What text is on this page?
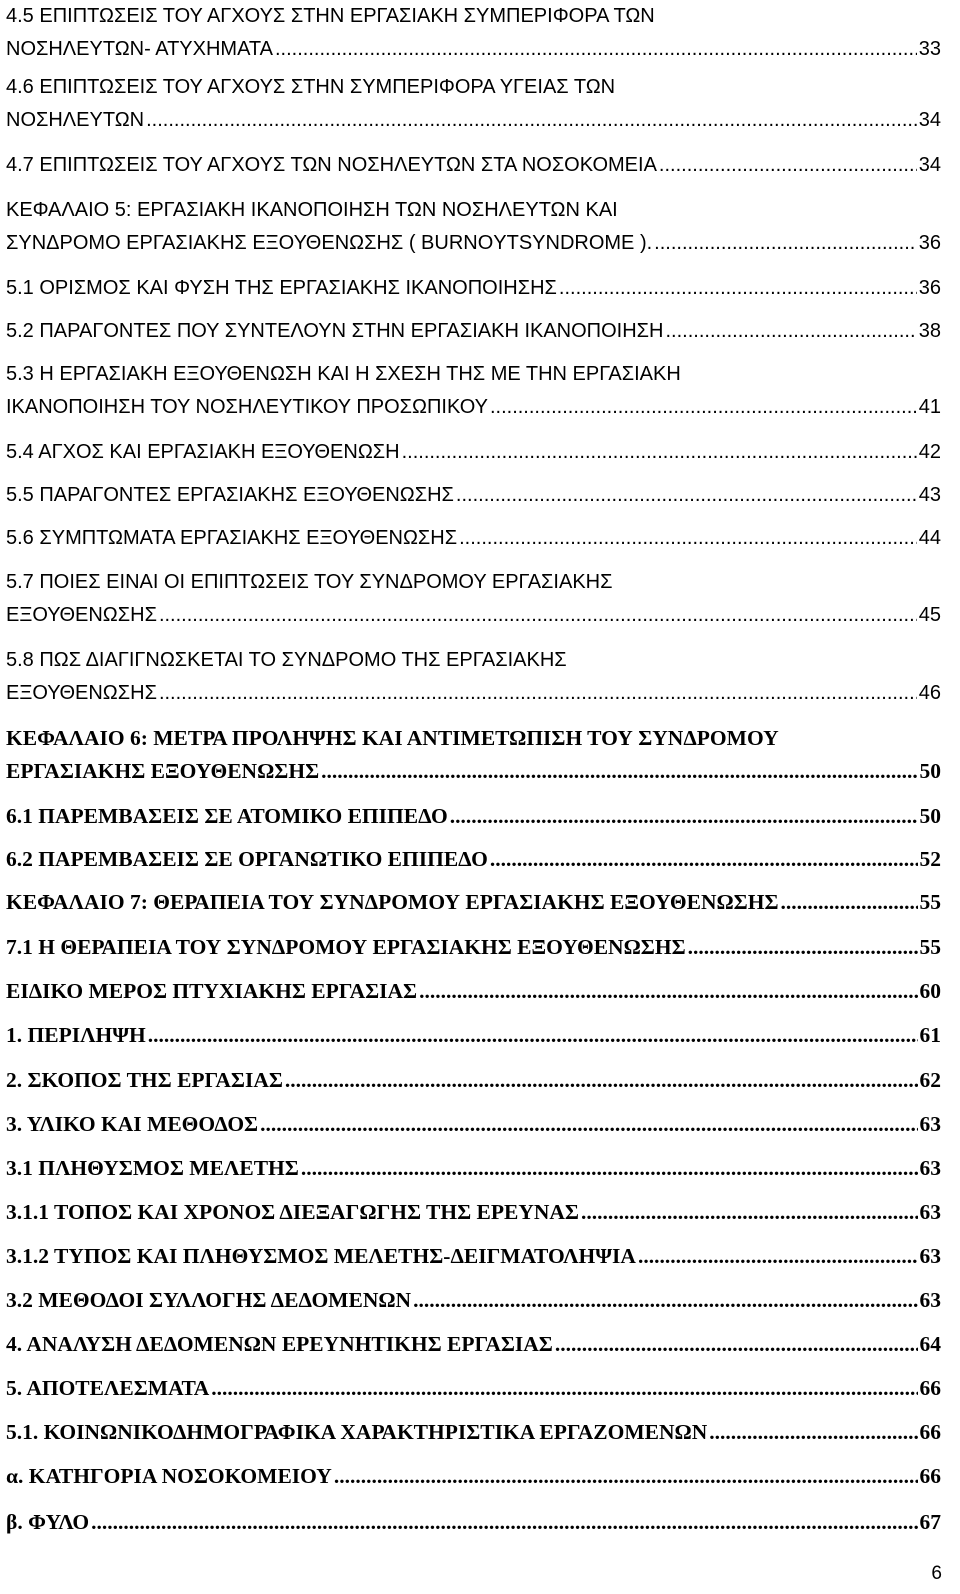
4.5 ΕΠΙΠΤΩΣΕΙΣ ΤΟΥ ΑΓΧΟΥΣ ΣΤΗΝ ΕΡΓΑΣΙΑΚΗ ΣΥΜΠΕΡΙΦΟΡΑ ΤΩΝ
ΝΟΣΗΛΕΥΤΩΝ- ΑΤΥΧΗΜΑΤΑ .....	33
4.6 ΕΠΙΠΤΩΣΕΙΣ ΤΟΥ ΑΓΧΟΥΣ ΣΤΗΝ ΣΥΜΠΕΡΙΦΟΡΑ ΥΓΕΙΑΣ ΤΩΝ
ΝΟΣΗΛΕΥΤΩΝ .....	34
4.7 ΕΠΙΠΤΩΣΕΙΣ ΤΟΥ ΑΓΧΟΥΣ ΤΩΝ ΝΟΣΗΛΕΥΤΩΝ ΣΤΑ ΝΟΣΟΚΟΜΕΙΑ .....	34
ΚΕΦΑΛΑΙΟ 5: ΕΡΓΑΣΙΑΚΗ ΙΚΑΝΟΠΟΙΗΣΗ ΤΩΝ ΝΟΣΗΛΕΥΤΩΝ ΚΑΙ
ΣΥΝΔΡΟΜΟ ΕΡΓΑΣΙΑΚΗΣ ΕΞΟΥΘΕΝΩΣΗΣ ( BURNOYTSYNDROME ). .....	36
5.1 ΟΡΙΣΜΟΣ ΚΑΙ ΦΥΣΗ ΤΗΣ ΕΡΓΑΣΙΑΚΗΣ ΙΚΑΝΟΠΟΙΗΣΗΣ .....	36
5.2 ΠΑΡΑΓΟΝΤΕΣ ΠΟΥ ΣΥΝΤΕΛΟΥΝ ΣΤΗΝ ΕΡΓΑΣΙΑΚΗ ΙΚΑΝΟΠΟΙΗΣΗ .....	38
5.3 Η ΕΡΓΑΣΙΑΚΗ ΕΞΟΥΘΕΝΩΣΗ ΚΑΙ Η ΣΧΕΣΗ ΤΗΣ ΜΕ ΤΗΝ ΕΡΓΑΣΙΑΚΗ
ΙΚΑΝΟΠΟΙΗΣΗ ΤΟΥ ΝΟΣΗΛΕΥΤΙΚΟΥ ΠΡΟΣΩΠΙΚΟΥ .....	41
5.4 ΑΓΧΟΣ ΚΑΙ ΕΡΓΑΣΙΑΚΗ ΕΞΟΥΘΕΝΩΣΗ .....	42
5.5 ΠΑΡΑΓΟΝΤΕΣ ΕΡΓΑΣΙΑΚΗΣ ΕΞΟΥΘΕΝΩΣΗΣ .....	43
5.6 ΣΥΜΠΤΩΜΑΤΑ ΕΡΓΑΣΙΑΚΗΣ ΕΞΟΥΘΕΝΩΣΗΣ .....	44
5.7 ΠΟΙΕΣ ΕΙΝΑΙ ΟΙ ΕΠΙΠΤΩΣΕΙΣ ΤΟΥ ΣΥΝΔΡΟΜΟΥ ΕΡΓΑΣΙΑΚΗΣ
ΕΞΟΥΘΕΝΩΣΗΣ .....	45
5.8 ΠΩΣ ΔΙΑΓΙΓΝΩΣΚΕΤΑΙ ΤΟ ΣΥΝΔΡΟΜΟ ΤΗΣ ΕΡΓΑΣΙΑΚΗΣ
ΕΞΟΥΘΕΝΩΣΗΣ .....	46
ΚΕΦΑΛΑΙΟ 6: ΜΕΤΡΑ ΠΡΟΛΗΨΗΣ ΚΑΙ ΑΝΤΙΜΕΤΩΠΙΣΗ ΤΟΥ ΣΥΝΔΡΟΜΟΥ
ΕΡΓΑΣΙΑΚΗΣ ΕΞΟΥΘΕΝΩΣΗΣ .....	50
6.1 ΠΑΡΕΜΒΑΣΕΙΣ ΣΕ ΑΤΟΜΙΚΟ ΕΠΙΠΕΔΟ .....	50
6.2 ΠΑΡΕΜΒΑΣΕΙΣ ΣΕ ΟΡΓΑΝΩΤΙΚΟ ΕΠΙΠΕΔΟ .....	52
ΚΕΦΑΛΑΙΟ 7: ΘΕΡΑΠΕΙΑ ΤΟΥ ΣΥΝΔΡΟΜΟΥ ΕΡΓΑΣΙΑΚΗΣ ΕΞΟΥΘΕΝΩΣΗΣ .....	55
7.1 Η ΘΕΡΑΠΕΙΑ ΤΟΥ ΣΥΝΔΡΟΜΟΥ ΕΡΓΑΣΙΑΚΗΣ ΕΞΟΥΘΕΝΩΣΗΣ .....	55
ΕΙΔΙΚΟ ΜΕΡΟΣ ΠΤΥΧΙΑΚΗΣ ΕΡΓΑΣΙΑΣ .....	60
1. ΠΕΡΙΛΗΨΗ .....	61
2. ΣΚΟΠΟΣ ΤΗΣ ΕΡΓΑΣΙΑΣ .....	62
3. ΥΛΙΚΟ ΚΑΙ ΜΕΘΟΔΟΣ .....	63
3.1 ΠΛΗΘΥΣΜΟΣ ΜΕΛΕΤΗΣ .....	63
3.1.1 ΤΟΠΟΣ ΚΑΙ ΧΡΟΝΟΣ ΔΙΕΞΑΓΩΓΗΣ ΤΗΣ ΕΡΕΥΝΑΣ .....	63
3.1.2 ΤΥΠΟΣ ΚΑΙ ΠΛΗΘΥΣΜΟΣ ΜΕΛΕΤΗΣ-ΔΕΙΓΜΑΤΟΛΗΨΙΑ .....	63
3.2 ΜΕΘΟΔΟΙ ΣΥΛΛΟΓΗΣ ΔΕΔΟΜΕΝΩΝ .....	63
4. ΑΝΑΛΥΣΗ ΔΕΔΟΜΕΝΩΝ ΕΡΕΥΝΗΤΙΚΗΣ ΕΡΓΑΣΙΑΣ .....	64
5. ΑΠΟΤΕΛΕΣΜΑΤΑ .....	66
5.1. ΚΟΙΝΩΝΙΚΟΔΗΜΟΓΡΑΦΙΚΑ ΧΑΡΑΚΤΗΡΙΣΤΙΚΑ ΕΡΓΑΖΟΜΕΝΩΝ .....	66
α. ΚΑΤΗΓΟΡΙΑ ΝΟΣΟΚΟΜΕΙΟΥ .....	66
β. ΦΥΛΟ .....	67
6
